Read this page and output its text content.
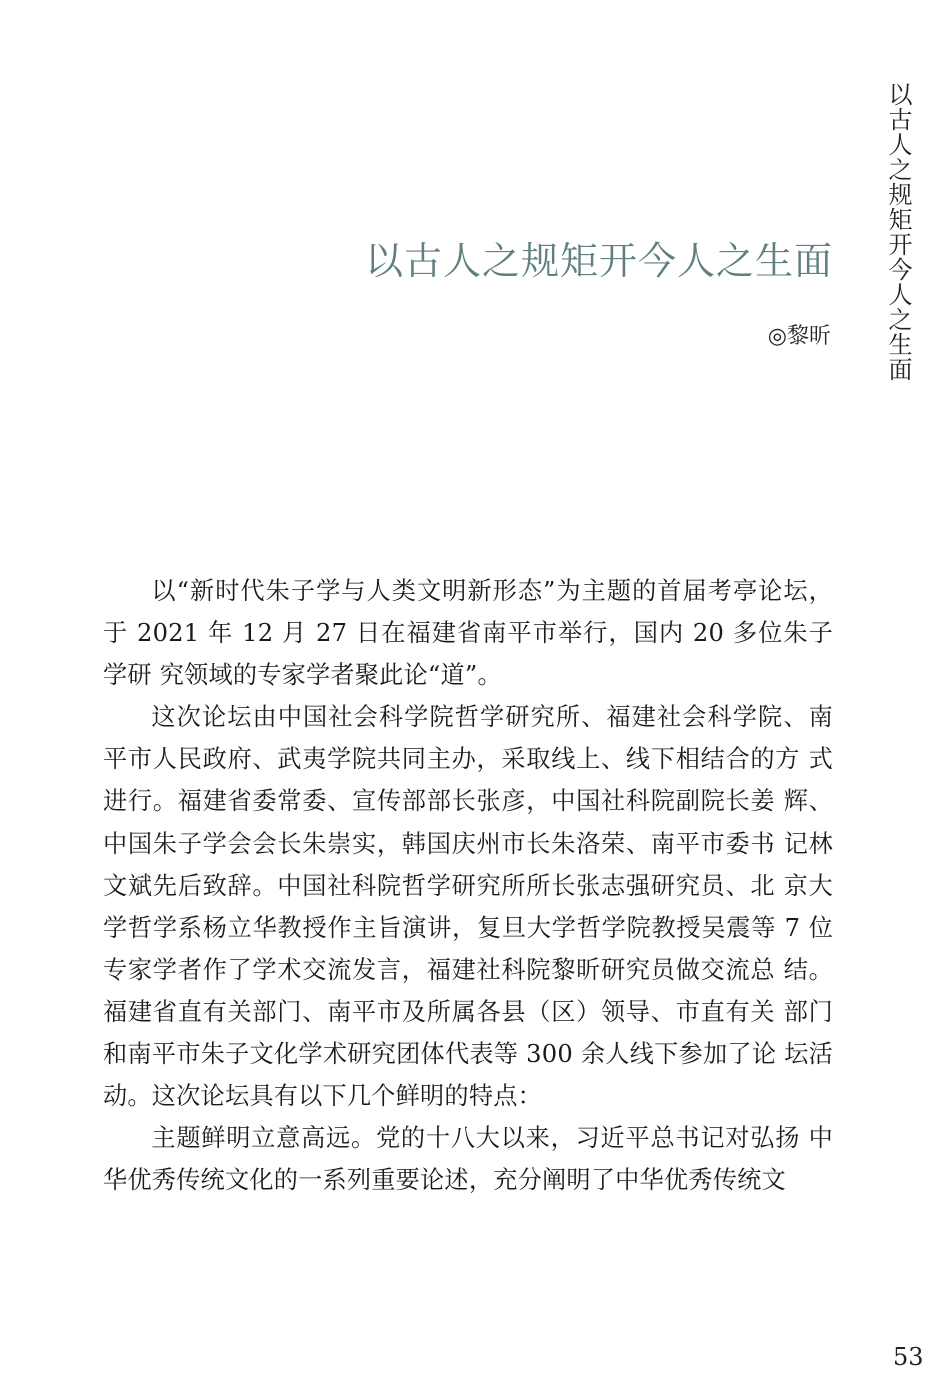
以古人之规矩开今人之生面
以古人之规矩开今人之生面

◎黎昕

以“新时代朱子学与人类文明新形态”为主题的首届考亭论坛，于 2021 年 12 月 27 日在福建省南平市举行，国内 20 多位朱子学研 究领域的专家学者聚此论“道”。

这次论坛由中国社会科学院哲学研究所、福建社会科学院、南平市人民政府、武夷学院共同主办，采取线上、线下相结合的方 式进行。福建省委常委、宣传部部长张彦，中国社科院副院长姜 辉、中国朱子学会会长朱崇实，韩国庆州市长朱洛荣、南平市委书 记林文斌先后致辞。中国社科院哲学研究所所长张志强研究员、北 京大学哲学系杨立华教授作主旨演讲，复旦大学哲学院教授吴震等 7 位专家学者作了学术交流发言，福建社科院黎昕研究员做交流总 结。福建省直有关部门、南平市及所属各县（区）领导、市直有关 部门和南平市朱子文化学术研究团体代表等 300 余人线下参加了论 坛活动。这次论坛具有以下几个鲜明的特点：

主题鲜明立意高远。党的十八大以来，习近平总书记对弘扬 中华优秀传统文化的一系列重要论述，充分阐明了中华优秀传统文

53
